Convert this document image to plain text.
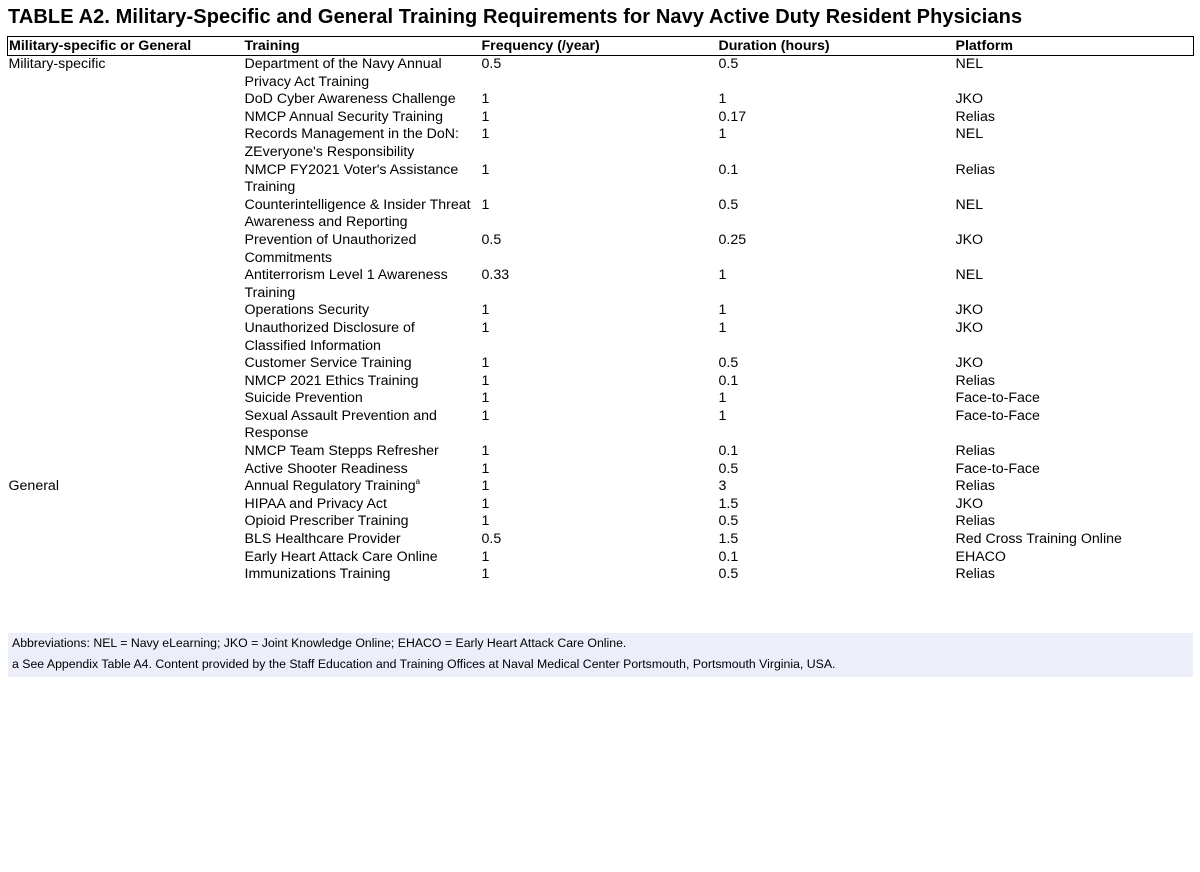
TABLE A2. Military-Specific and General Training Requirements for Navy Active Duty Resident Physicians
Military-specific or General	Training	Frequency (/year)	Duration (hours)	Platform
Military-specific	Department of the Navy Annual Privacy Act Training	0.5	0.5	NEL
	DoD Cyber Awareness Challenge	1	1	JKO
	NMCP Annual Security Training	1	0.17	Relias
	Records Management in the DoN: ZEveryone's Responsibility	1	1	NEL
	NMCP FY2021 Voter's Assistance Training	1	0.1	Relias
	Counterintelligence & Insider Threat Awareness and Reporting	1	0.5	NEL
	Prevention of Unauthorized Commitments	0.5	0.25	JKO
	Antiterrorism Level 1 Awareness Training	0.33	1	NEL
	Operations Security	1	1	JKO
	Unauthorized Disclosure of Classified Information	1	1	JKO
	Customer Service Training	1	0.5	JKO
	NMCP 2021 Ethics Training	1	0.1	Relias
	Suicide Prevention	1	1	Face-to-Face
	Sexual Assault Prevention and Response	1	1	Face-to-Face
	NMCP Team Stepps Refresher	1	0.1	Relias
	Active Shooter Readiness	1	0.5	Face-to-Face
General	Annual Regulatory Training$^a$	1	3	Relias
	HIPAA and Privacy Act	1	1.5	JKO
	Opioid Prescriber Training	1	0.5	Relias
	BLS Healthcare Provider	0.5	1.5	Red Cross Training Online
	Early Heart Attack Care Online	1	0.1	EHACO
	Immunizations Training	1	0.5	Relias
Abbreviations: NEL = Navy eLearning; JKO = Joint Knowledge Online; EHACO = Early Heart Attack Care Online.
a See Appendix Table A4. Content provided by the Staff Education and Training Offices at Naval Medical Center Portsmouth, Portsmouth Virginia, USA.
